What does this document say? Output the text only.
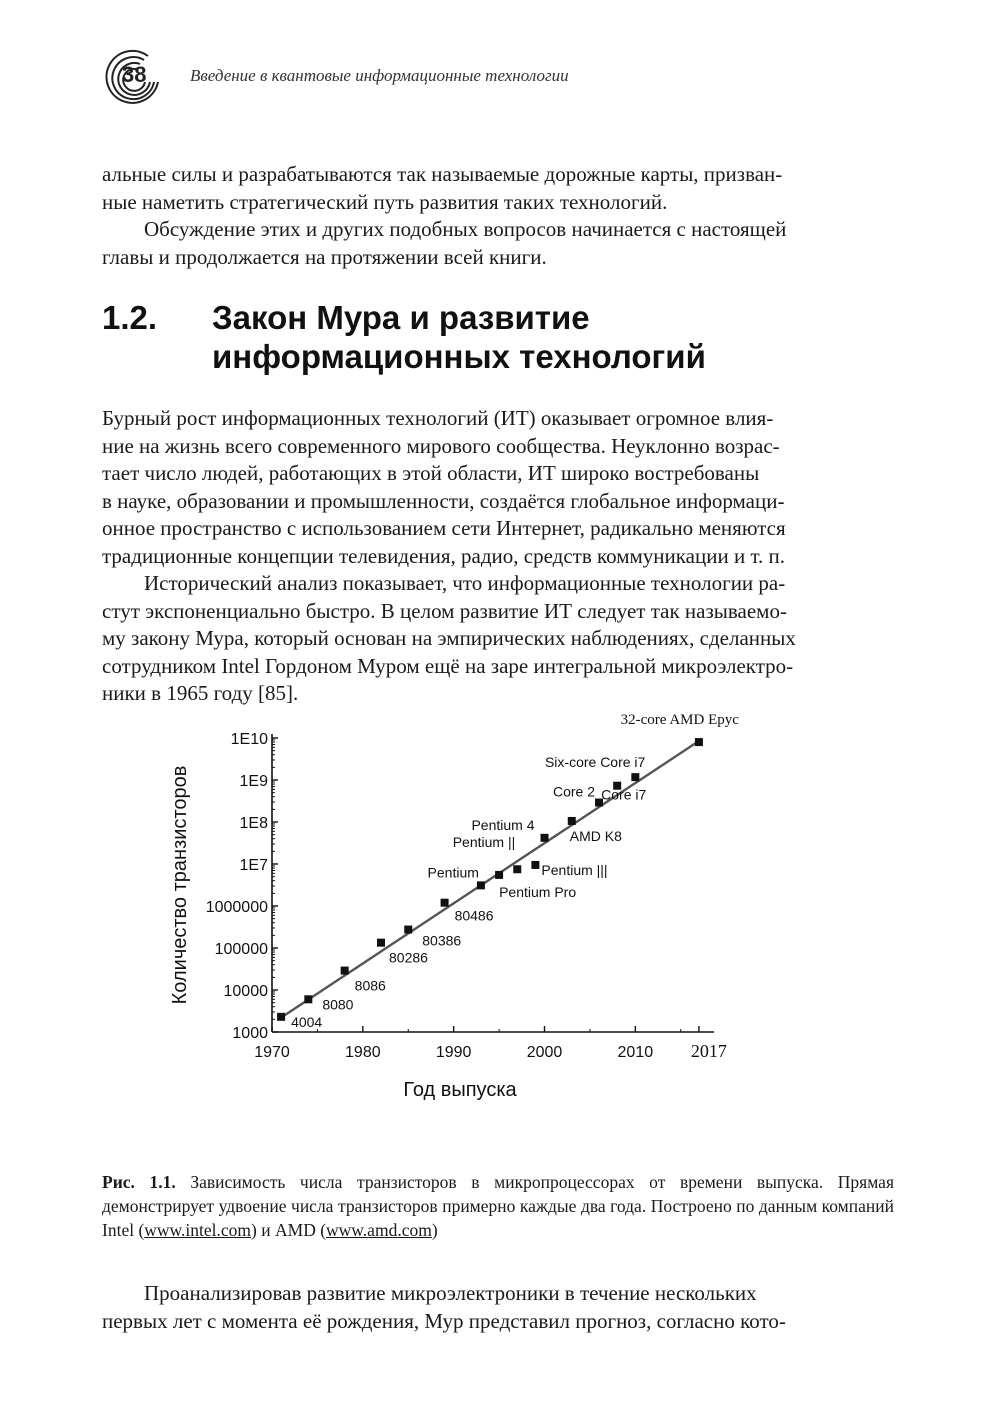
38	Введение в квантовые информационные технологии

альные силы и разрабатываются так называемые дорожные карты, призван-

ные наметить стратегический путь развития таких технологий.

Обсуждение этих и других подобных вопросов начинается с настоящей

главы и продолжается на протяжении всей книги.

1.2. Закон Мура и развитие
информационных технологий

Бурный рост информационных технологий (ИТ) оказывает огромное влия-

ние на жизнь всего современного мирового сообщества. Неуклонно возрас-

тает число людей, работающих в этой области, ИТ широко востребованы

в науке, образовании и промышленности, создаётся глобальное информаци-

онное пространство с использованием сети Интернет, радикально меняются

традиционные концепции телевидения, радио, средств коммуникации и т. п.

Исторический анализ показывает, что информационные технологии ра-

стут экспоненциально быстро. В целом развитие ИТ следует так называемо-

му закону Мура, который основан на эмпирических наблюдениях, сделанных

сотрудником Intel Гордоном Муром ещё на заре интегральной микроэлектро-

ники в 1965 году [85].

1000
10000
100000
1000000
1E7
1E8
1E9
1E10
1970	1980	1990	2000	2010 2017
Год выпуска
Количество транзисторов
4004
8080
8086
80286
80386
80486
Pentium
Pentium Pro
Pentium ||
Pentium |||
Pentium 4
AMD K8
Core 2 Core i7
Six-core Core i7
32-core AMD Epyc
Рис. 1.1. Зависимость числа транзисторов в микропроцессорах от времени выпуска. Прямая демонстрирует удвоение числа транзисторов примерно каждые два года. Построено по данным компаний Intel (www.intel.com) и AMD (www.amd.com)

Проанализировав развитие микроэлектроники в течение нескольких

первых лет с момента её рождения, Мур представил прогноз, согласно кото-
